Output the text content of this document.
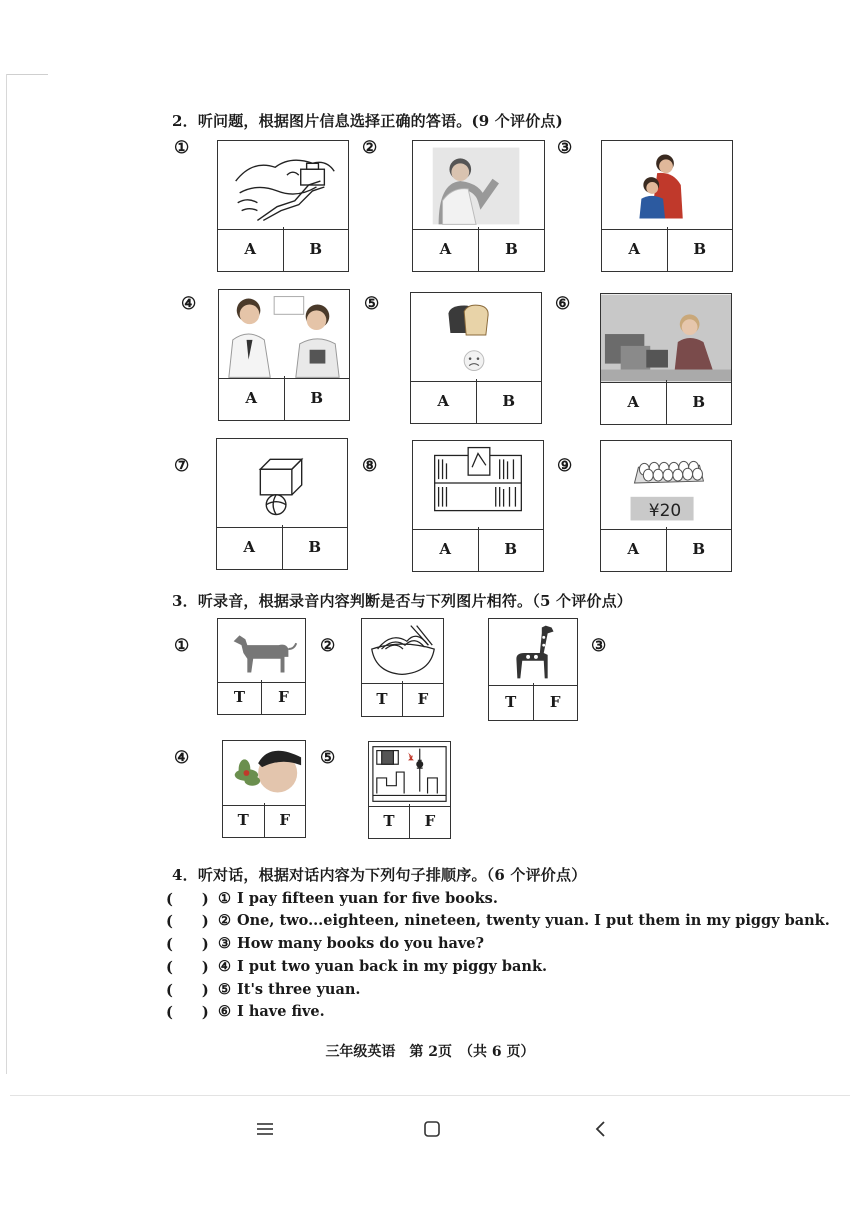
2．听问题，根据图片信息选择正确的答语。(9 个评价点)
①
A	B
②
A	B
③
A	B
④
A	B
⑤
A	B
⑥
A	B
⑦
A	B
⑧
A	B
⑨
¥20
A	B
3．听录音，根据录音内容判断是否与下列图片相符。（5 个评价点）
①
T	F
②
T	F	T	F
③
④
T	F
⑤
T	F
4．听对话，根据对话内容为下列句子排顺序。（6 个评价点）
(　　) ① I pay fifteen yuan for five books.
(　　) ② One, two...eighteen, nineteen, twenty yuan. I put them in my piggy bank.
(　　) ③ How many books do you have?
(　　) ④ I put two yuan back in my piggy bank.
(　　) ⑤ It's three yuan.
(　　) ⑥ I have five.
三年级英语　第 2页　（共 6 页）
